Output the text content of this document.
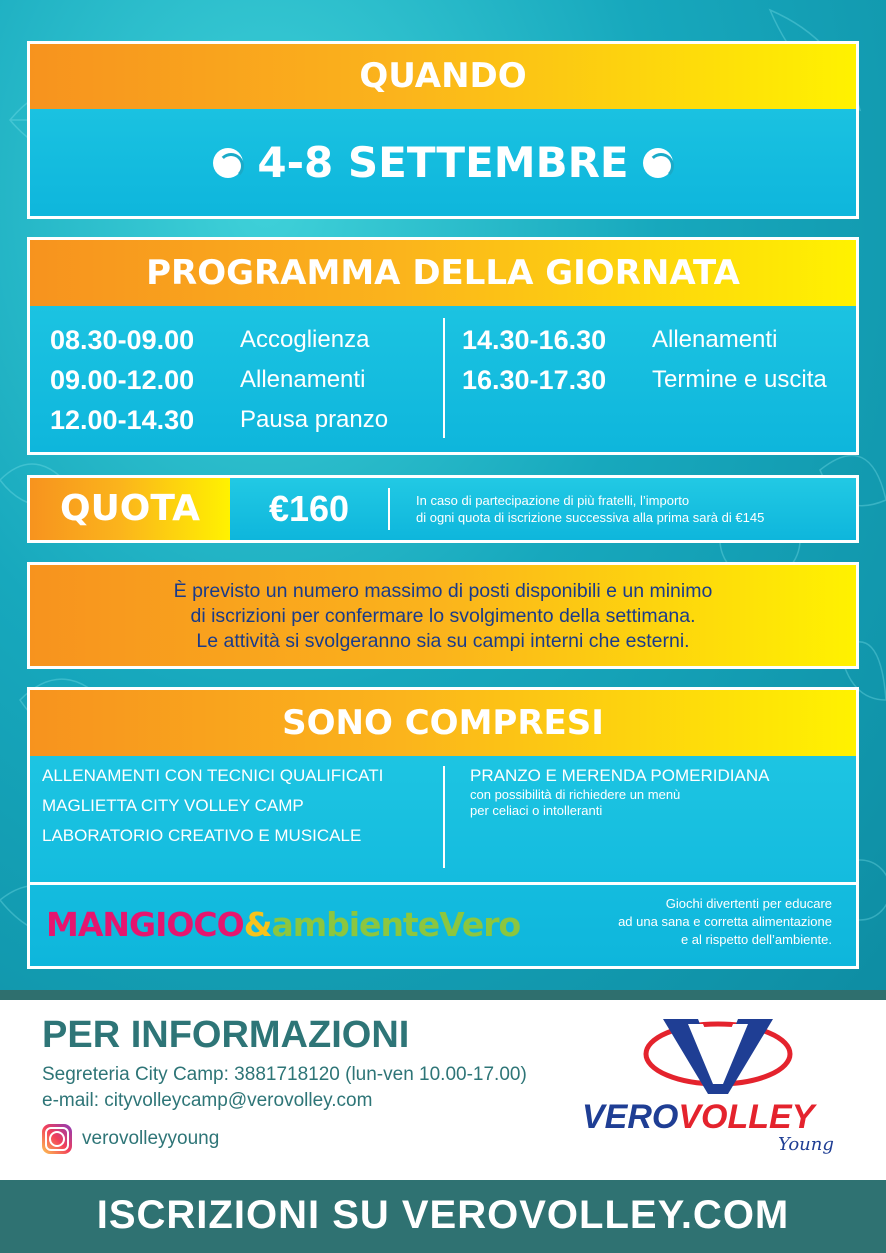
QUANDO
4-8 SETTEMBRE
PROGRAMMA DELLA GIORNATA
08.30-09.00	Accoglienza
09.00-12.00	Allenamenti
12.00-14.30	Pausa pranzo
14.30-16.30	Allenamenti
16.30-17.30	Termine e uscita
QUOTA	€160	In caso di partecipazione di più fratelli, l’importo
di ogni quota di iscrizione successiva alla prima sarà di €145
È previsto un numero massimo di posti disponibili e un minimo
di iscrizioni per confermare lo svolgimento della settimana.
Le attività si svolgeranno sia su campi interni che esterni.
SONO COMPRESI
ALLENAMENTI CON TECNICI QUALIFICATI
MAGLIETTA CITY VOLLEY CAMP
LABORATORIO CREATIVO E MUSICALE
PRANZO E MERENDA POMERIDIANA
con possibilità di richiedere un menù
per celiaci o intolleranti
MANGIOCO&ambienteVero
Giochi divertenti per educare
ad una sana e corretta alimentazione
e al rispetto dell’ambiente.
PER INFORMAZIONI
Segreteria City Camp: 3881718120 (lun-ven 10.00-17.00)
e-mail: cityvolleycamp@verovolley.com
verovolleyyoung
VEROVOLLEY
Young
ISCRIZIONI SU VEROVOLLEY.COM
